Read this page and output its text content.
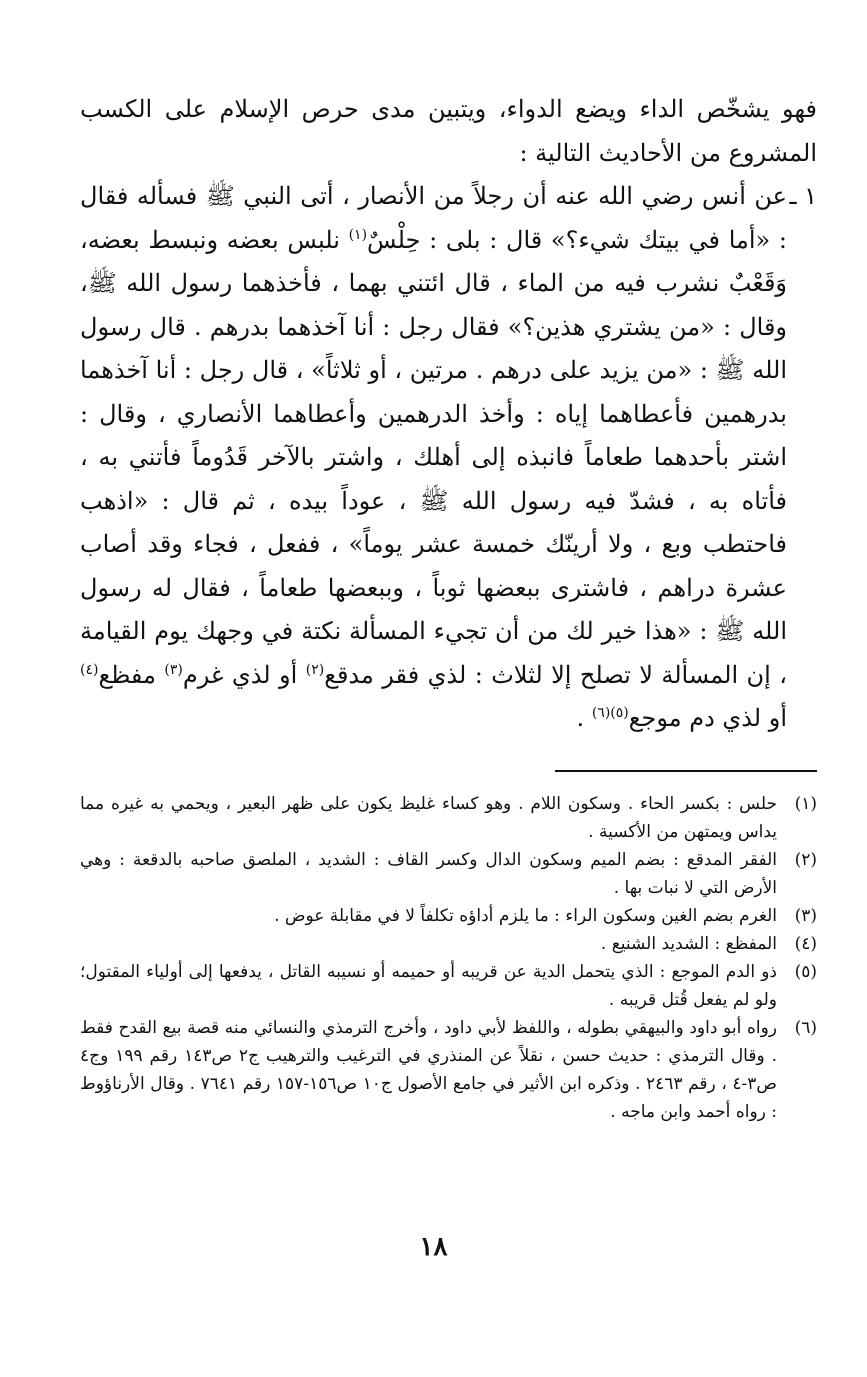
فهو يشخّص الداء ويضع الدواء، ويتبين مدى حرص الإسلام على الكسب المشروع من الأحاديث التالية :

١ ـ
عن أنس رضي الله عنه أن رجلاً من الأنصار ، أتى النبي ﷺ فسأله فقال : «أما في بيتك شيء؟» قال : بلى : حِلْسٌ$^{(١)}$ نلبس بعضه ونبسط بعضه، وَقَعْبٌ نشرب فيه من الماء ، قال ائتني بهما ، فأخذهما رسول الله ﷺ، وقال : «من يشتري هذين؟» فقال رجل : أنا آخذهما بدرهم . قال رسول الله ﷺ : «من يزيد على درهم . مرتين ، أو ثلاثاً» ، قال رجل : أنا آخذهما بدرهمين فأعطاهما إياه : وأخذ الدرهمين وأعطاهما الأنصاري ، وقال : اشتر بأحدهما طعاماً فانبذه إلى أهلك ، واشتر بالآخر قَدُوماً فأتني به ، فأتاه به ، فشدّ فيه رسول الله ﷺ ، عوداً بيده ، ثم قال : «اذهب فاحتطب وبع ، ولا أرينّك خمسة عشر يوماً» ، ففعل ، فجاء وقد أصاب عشرة دراهم ، فاشترى ببعضها ثوباً ، وببعضها طعاماً ، فقال له رسول الله ﷺ : «هذا خير لك من أن تجيء المسألة نكتة في وجهك يوم القيامة ، إن المسألة لا تصلح إلا لثلاث : لذي فقر مدقع$^{(٢)}$ أو لذي غرم$^{(٣)}$ مفظع$^{(٤)}$ أو لذي دم موجع$^{(٥)(٦)}$ .

(١)
حلس : بكسر الحاء . وسكون اللام . وهو كساء غليظ يكون على ظهر البعير ، ويحمي به غيره مما يداس ويمتهن من الأكسية .

(٢)
الفقر المدقع : بضم الميم وسكون الدال وكسر القاف : الشديد ، الملصق صاحبه بالدقعة : وهي الأرض التي لا نبات بها .

(٣)
الغرم بضم الغين وسكون الراء : ما يلزم أداؤه تكلفاً لا في مقابلة عوض .

(٤)
المفظع : الشديد الشنيع .

(٥)
ذو الدم الموجع : الذي يتحمل الدية عن قريبه أو حميمه أو نسيبه القاتل ، يدفعها إلى أولياء المقتول؛ ولو لم يفعل قُتل قريبه .

(٦)
رواه أبو داود والبيهقي بطوله ، واللفظ لأبي داود ، وأخرج الترمذي والنسائي منه قصة بيع القدح فقط . وقال الترمذي : حديث حسن ، نقلاً عن المنذري في الترغيب والترهيب ج٢ ص١٤٣ رقم ١٩٩ وج٤ ص٣-٤ ، رقم ٢٤٦٣ . وذكره ابن الأثير في جامع الأصول ج١٠ ص١٥٦-١٥٧ رقم ٧٦٤١ . وقال الأرناؤوط : رواه أحمد وابن ماجه .

١٨
